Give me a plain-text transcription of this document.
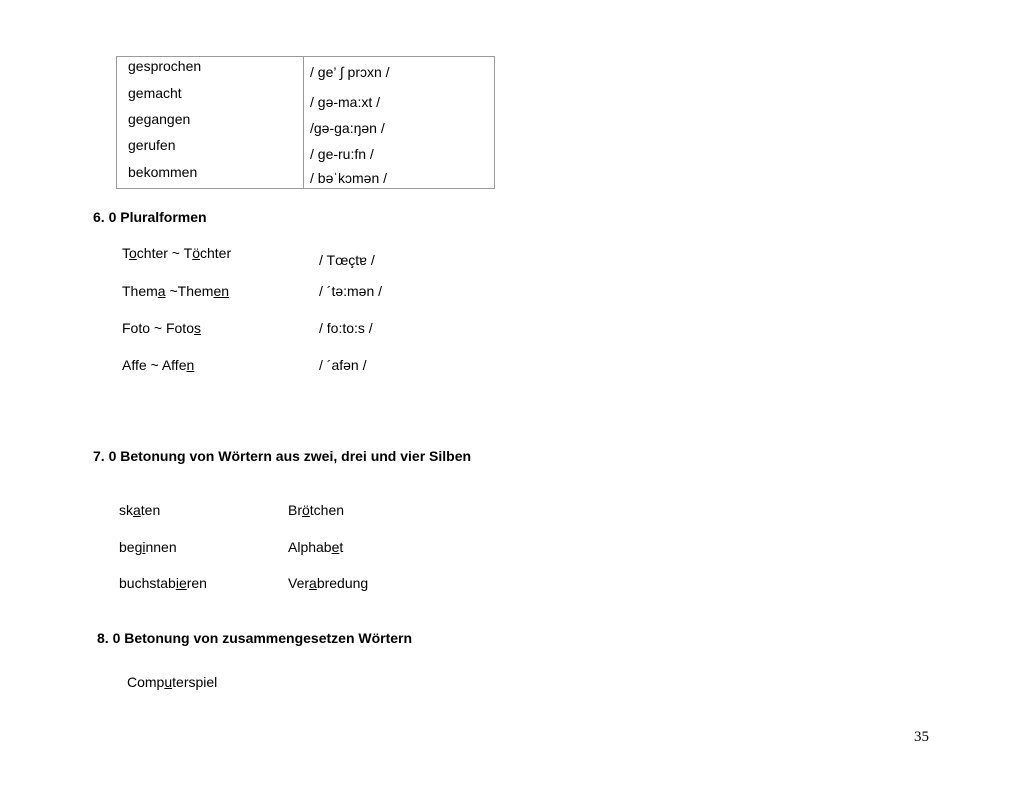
gesprochen
gemacht
gegangen
gerufen
bekommen
/ ge’ ∫ prɔxn /
/ gə-ma:xt /
/gə-ga:ŋən /
/ ge-ru:fn /
/ bəˈkɔmən /
6. 0 Pluralformen
Tochter ~ Töchter
Thema ~Themen
Foto ~ Fotos
Affe ~ Affen
/ Tœçtɐ /
/ ´tə:mən /
/ fo:to:s /
/ ´afən /
7. 0 Betonung von Wörtern aus zwei, drei und vier Silben
skaten
beginnen
buchstabieren
Brötchen
Alphabet
Verabredung
8. 0 Betonung von zusammengesetzen Wörtern
Computerspiel
35
